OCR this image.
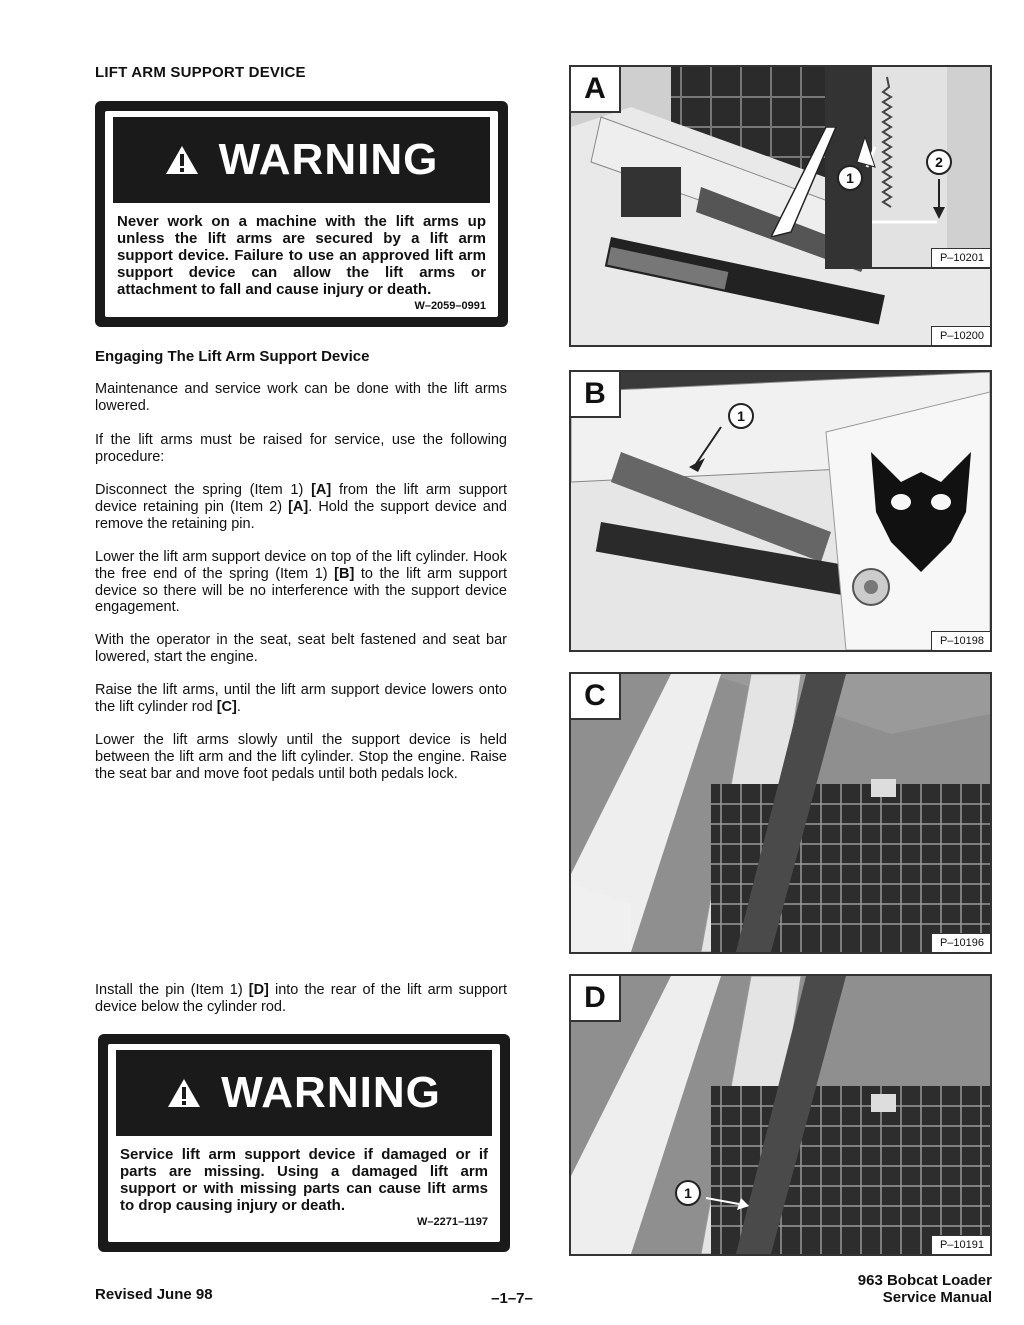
LIFT ARM SUPPORT DEVICE
WARNING
Never work on a machine with the lift arms up unless the lift arms are secured by a lift arm support device. Failure to use an approved lift arm support device can allow the lift arms or attachment to fall and cause injury or death.
W–2059–0991
Engaging The Lift Arm Support Device
Maintenance and service work can be done with the lift arms lowered.
If the lift arms must be raised for service, use the following procedure:
Disconnect the spring (Item 1) [A] from the lift arm support device retaining pin (Item 2) [A]. Hold the support device and remove the retaining pin.
Lower the lift arm support device on top of the lift cylinder. Hook the free end of the spring (Item 1) [B] to the lift arm support device so there will be no interference with the support device engagement.
With the operator in the seat, seat belt fastened and seat bar lowered, start the engine.
Raise the lift arms, until the lift arm support device lowers onto the lift cylinder rod [C].
Lower the lift arms slowly until the support device is held between the lift arm and the lift cylinder. Stop the engine. Raise the seat bar and move foot pedals until both pedals lock.
Install the pin (Item 1) [D] into the rear of the lift arm support device below the cylinder rod.
WARNING
Service lift arm support device if damaged or if parts are missing. Using a damaged lift arm support or with missing parts can cause lift arms to drop causing injury or death.
W–2271–1197
A
P–10200
P–10201
1
2
B
P–10198
1
C
P–10196
D
P–10191
1
Revised June 98	–1–7–
963 Bobcat Loader
Service Manual
